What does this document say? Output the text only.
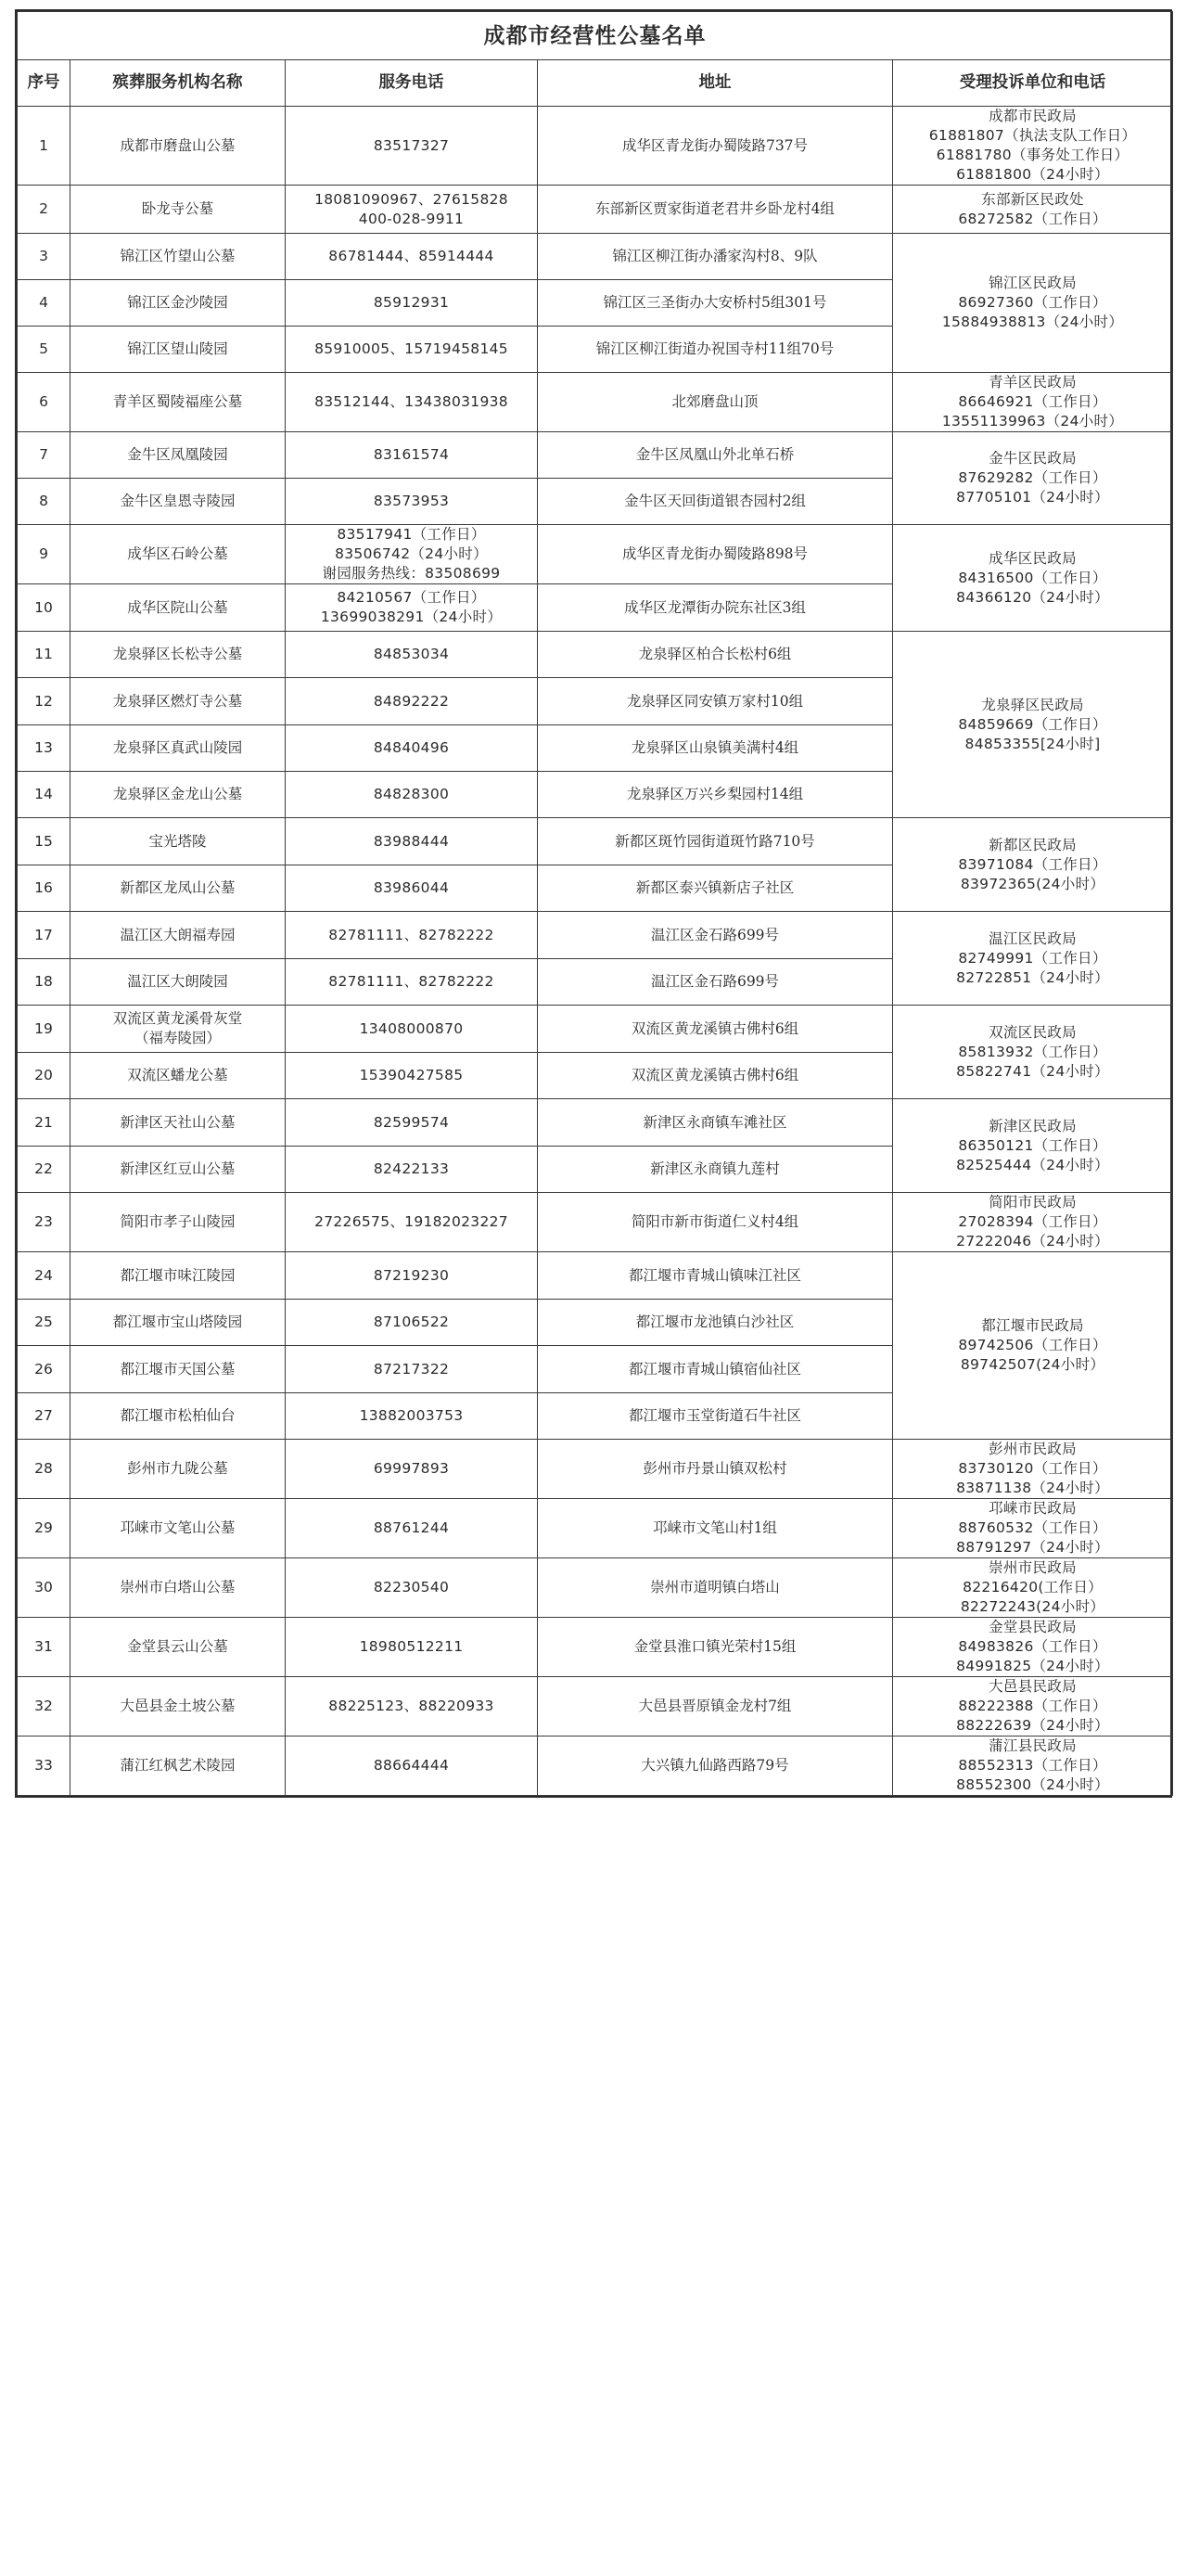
成都市经营性公墓名单				
序号	殡葬服务机构名称	服务电话	地址	受理投诉单位和电话
1	成都市磨盘山公墓	83517327	成华区青龙街办蜀陵路737号	成都市民政局
61881807（执法支队工作日）
61881780（事务处工作日）
61881800（24小时）

2	卧龙寺公墓	18081090967、27615828
400-028-9911	东部新区贾家街道老君井乡卧龙村4组	东部新区民政处
68272582（工作日）

3	锦江区竹望山公墓	86781444、85914444	锦江区柳江街办潘家沟村8、9队	锦江区民政局
86927360（工作日）
15884938813（24小时）

4	锦江区金沙陵园	85912931	锦江区三圣街办大安桥村5组301号	

5	锦江区望山陵园	85910005、15719458145	锦江区柳江街道办祝国寺村11组70号	

6	青羊区蜀陵福座公墓	83512144、13438031938	北郊磨盘山顶	青羊区民政局
86646921（工作日）
13551139963（24小时）

7	金牛区凤凰陵园	83161574	金牛区凤凰山外北单石桥	金牛区民政局
87629282（工作日）
87705101（24小时）

8	金牛区皇恩寺陵园	83573953	金牛区天回街道银杏园村2组	

9	成华区石岭公墓	83517941（工作日）
83506742（24小时）
谢园服务热线：83508699	成华区青龙街办蜀陵路898号	成华区民政局
84316500（工作日）
84366120（24小时）

10	成华区院山公墓	84210567（工作日）
13699038291（24小时）	成华区龙潭街办院东社区3组	

11	龙泉驿区长松寺公墓	84853034	龙泉驿区柏合长松村6组	龙泉驿区民政局
84859669（工作日）
84853355[24小时]

12	龙泉驿区燃灯寺公墓	84892222	龙泉驿区同安镇万家村10组	

13	龙泉驿区真武山陵园	84840496	龙泉驿区山泉镇美满村4组	

14	龙泉驿区金龙山公墓	84828300	龙泉驿区万兴乡梨园村14组	

15	宝光塔陵	83988444	新都区斑竹园街道斑竹路710号	新都区民政局
83971084（工作日）
83972365(24小时）

16	新都区龙凤山公墓	83986044	新都区泰兴镇新店子社区	

17	温江区大朗福寿园	82781111、82782222	温江区金石路699号	温江区民政局
82749991（工作日）
82722851（24小时）

18	温江区大朗陵园	82781111、82782222	温江区金石路699号	

19	双流区黄龙溪骨灰堂
（福寿陵园）	13408000870	双流区黄龙溪镇古佛村6组	双流区民政局
85813932（工作日）
85822741（24小时）

20	双流区蟠龙公墓	15390427585	双流区黄龙溪镇古佛村6组	

21	新津区天社山公墓	82599574	新津区永商镇车滩社区	新津区民政局
86350121（工作日）
82525444（24小时）

22	新津区红豆山公墓	82422133	新津区永商镇九莲村	

23	简阳市孝子山陵园	27226575、19182023227	简阳市新市街道仁义村4组	简阳市民政局
27028394（工作日）
27222046（24小时）

24	都江堰市味江陵园	87219230	都江堰市青城山镇味江社区	都江堰市民政局
89742506（工作日）
89742507(24小时）

25	都江堰市宝山塔陵园	87106522	都江堰市龙池镇白沙社区	

26	都江堰市天国公墓	87217322	都江堰市青城山镇宿仙社区	

27	都江堰市松柏仙台	13882003753	都江堰市玉堂街道石牛社区	

28	彭州市九陇公墓	69997893	彭州市丹景山镇双松村	彭州市民政局
83730120（工作日）
83871138（24小时）

29	邛崃市文笔山公墓	88761244	邛崃市文笔山村1组	邛崃市民政局
88760532（工作日）
88791297（24小时）

30	崇州市白塔山公墓	82230540	崇州市道明镇白塔山	崇州市民政局
82216420(工作日）
82272243(24小时）

31	金堂县云山公墓	18980512211	金堂县淮口镇光荣村15组	金堂县民政局
84983826（工作日）
84991825（24小时）

32	大邑县金土坡公墓	88225123、88220933	大邑县晋原镇金龙村7组	大邑县民政局
88222388（工作日）
88222639（24小时）

33	蒲江红枫艺术陵园	88664444	大兴镇九仙路西路79号	蒲江县民政局
88552313（工作日）
88552300（24小时）
